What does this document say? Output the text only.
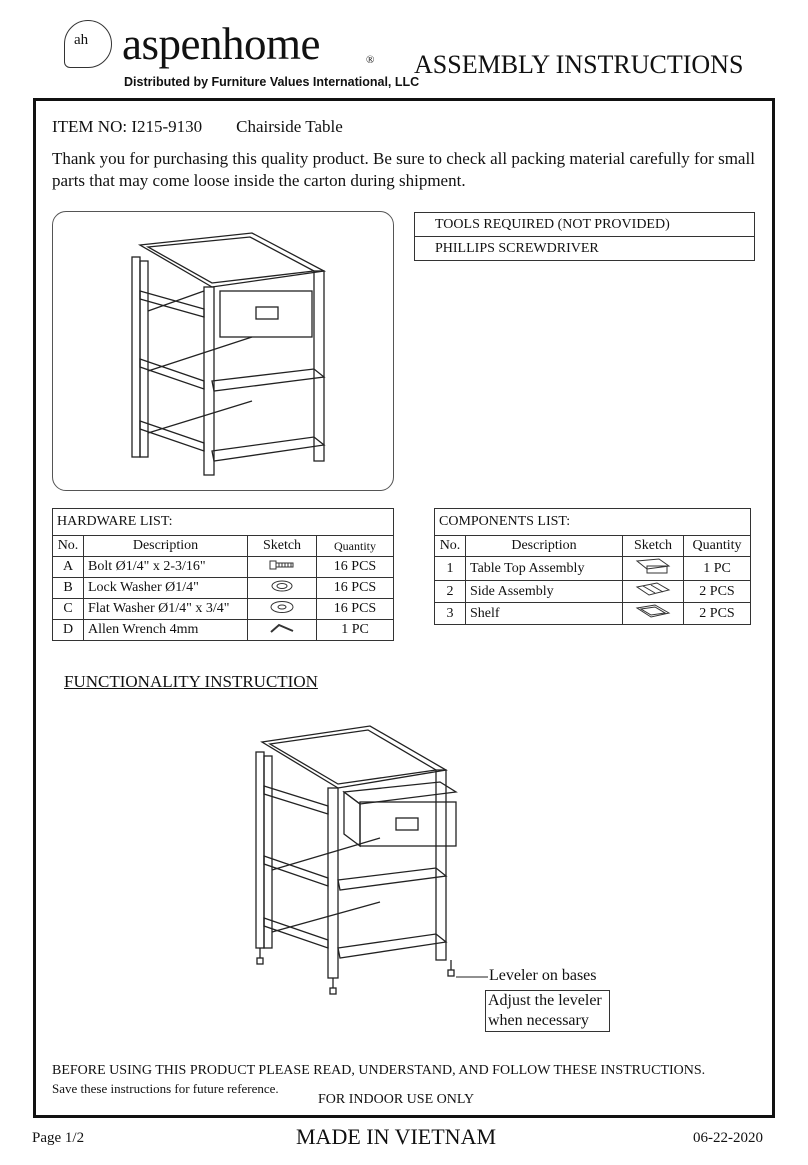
ah aspenhome	®
Distributed by Furniture Values International, LLC
ASSEMBLY INSTRUCTIONS
ITEM NO: I215-9130 Chairside Table
Thank you for purchasing this quality product. Be sure to check all packing material carefully for small parts that may come loose inside the carton during shipment.
TOOLS REQUIRED (NOT PROVIDED)
PHILLIPS SCREWDRIVER
HARDWARE LIST:			
No.	Description	Sketch	Quantity
A	Bolt Ø1/4" x 2-3/16"		16 PCS
B	Lock Washer Ø1/4"		16 PCS
C	Flat Washer Ø1/4" x 3/4"		16 PCS
D	Allen Wrench 4mm		1 PC
COMPONENTS LIST:			
No.	Description	Sketch	Quantity
1	Table Top Assembly		1 PC
2	Side Assembly		2 PCS
3	Shelf		2 PCS
FUNCTIONALITY INSTRUCTION
Leveler on bases
Adjust the leveler
when necessary
BEFORE USING THIS PRODUCT PLEASE READ, UNDERSTAND, AND FOLLOW THESE INSTRUCTIONS.
Save these instructions for future reference.
FOR INDOOR USE ONLY
Page 1/2	MADE IN VIETNAM	06-22-2020
